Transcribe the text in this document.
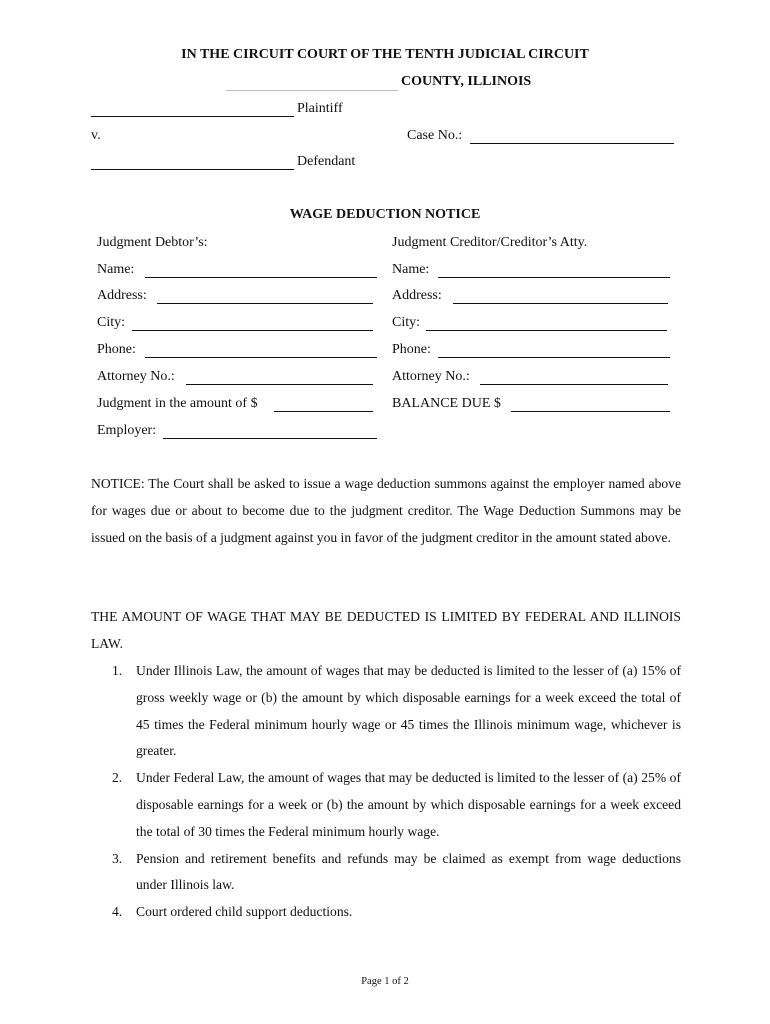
IN THE CIRCUIT COURT OF THE TENTH JUDICIAL CIRCUIT
COUNTY, ILLINOIS
Plaintiff
v.	Case No.:
Defendant
WAGE DEDUCTION NOTICE
Judgment Debtor’s:
Name:
Address:
City:
Phone:
Attorney No.:
Judgment in the amount of $
Employer:
Judgment Creditor/Creditor’s Atty.
Name:
Address:
City:
Phone:
Attorney No.:
BALANCE DUE $
NOTICE: The Court shall be asked to issue a wage deduction summons against the employer named above for wages due or about to become due to the judgment creditor. The Wage Deduction Summons may be issued on the basis of a judgment against you in favor of the judgment creditor in the amount stated above.
THE AMOUNT OF WAGE THAT MAY BE DEDUCTED IS LIMITED BY FEDERAL AND ILLINOIS LAW.
1. Under Illinois Law, the amount of wages that may be deducted is limited to the lesser of (a) 15% of gross weekly wage or (b) the amount by which disposable earnings for a week exceed the total of 45 times the Federal minimum hourly wage or 45 times the Illinois minimum wage, whichever is greater.
2. Under Federal Law, the amount of wages that may be deducted is limited to the lesser of (a) 25% of disposable earnings for a week or (b) the amount by which disposable earnings for a week exceed the total of 30 times the Federal minimum hourly wage.
3. Pension and retirement benefits and refunds may be claimed as exempt from wage deductions under Illinois law.
4. Court ordered child support deductions.
Page 1 of 2
